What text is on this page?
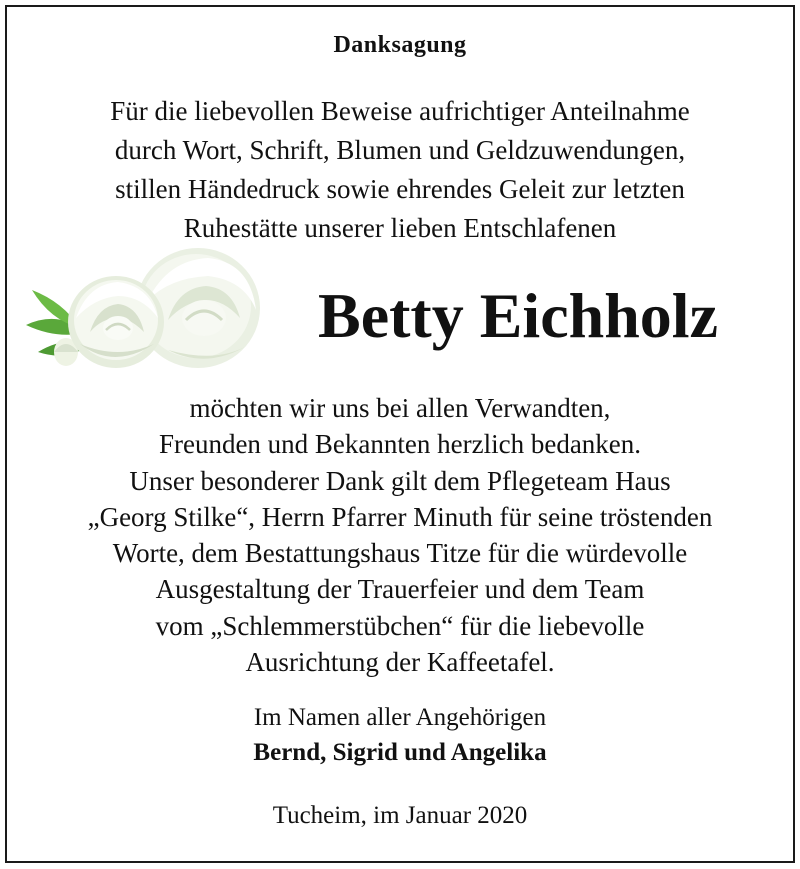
Danksagung
Für die liebevollen Beweise aufrichtiger Anteilnahme
durch Wort, Schrift, Blumen und Geldzuwendungen,
stillen Händedruck sowie ehrendes Geleit zur letzten
Ruhestätte unserer lieben Entschlafenen
Betty Eichholz
möchten wir uns bei allen Verwandten,
Freunden und Bekannten herzlich bedanken.
Unser besonderer Dank gilt dem Pflegeteam Haus
„Georg Stilke“, Herrn Pfarrer Minuth für seine tröstenden
Worte, dem Bestattungshaus Titze für die würdevolle
Ausgestaltung der Trauerfeier und dem Team
vom „Schlemmerstübchen“ für die liebevolle
Ausrichtung der Kaffeetafel.
Im Namen aller Angehörigen
Bernd, Sigrid und Angelika
Tucheim, im Januar 2020
